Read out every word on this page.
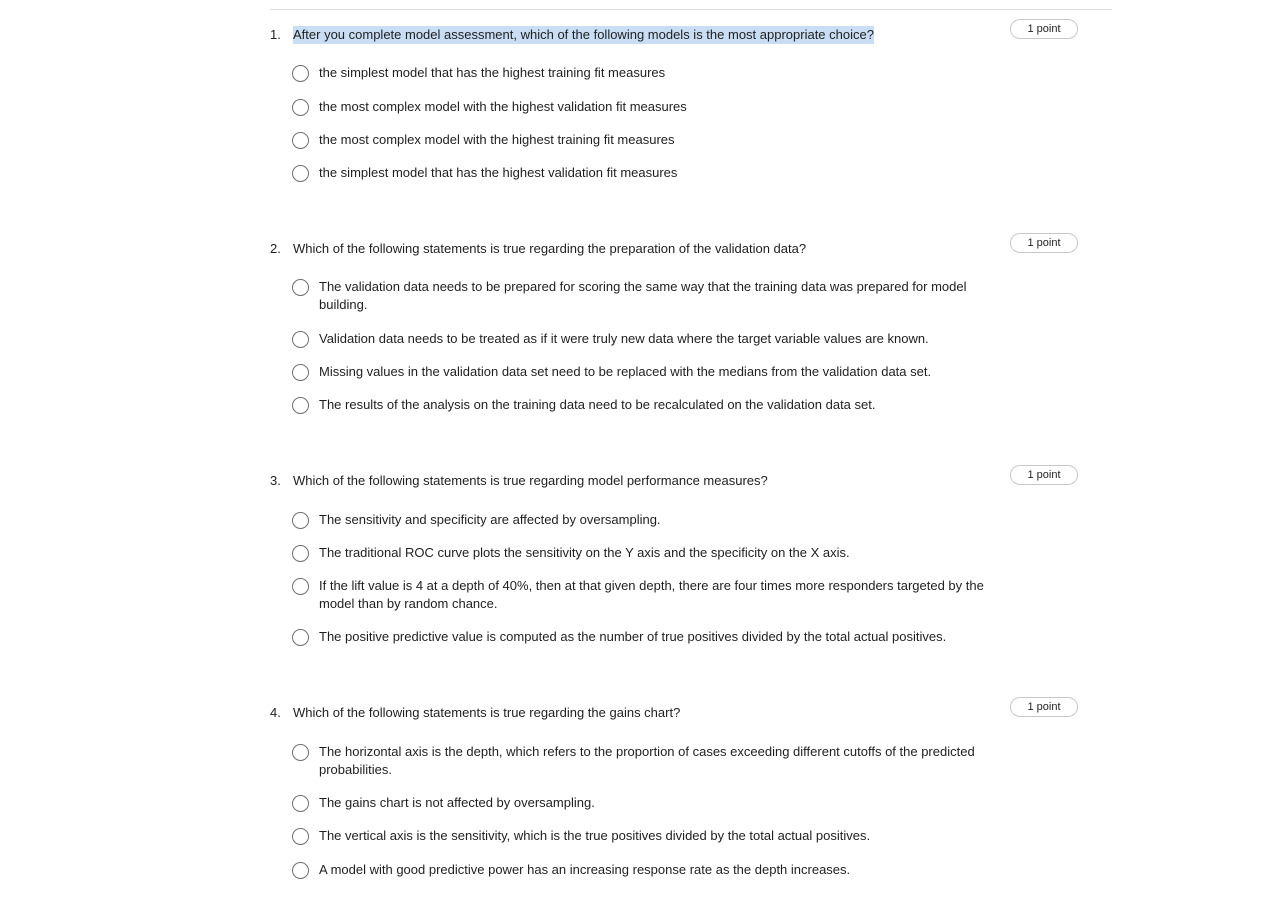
1. After you complete model assessment, which of the following models is the most appropriate choice?	1 point
the simplest model that has the highest training fit measures
the most complex model with the highest validation fit measures
the most complex model with the highest training fit measures
the simplest model that has the highest validation fit measures
2. Which of the following statements is true regarding the preparation of the validation data?	1 point
The validation data needs to be prepared for scoring the same way that the training data was prepared for model building.
Validation data needs to be treated as if it were truly new data where the target variable values are known.
Missing values in the validation data set need to be replaced with the medians from the validation data set.
The results of the analysis on the training data need to be recalculated on the validation data set.
3. Which of the following statements is true regarding model performance measures?	1 point
The sensitivity and specificity are affected by oversampling.
The traditional ROC curve plots the sensitivity on the Y axis and the specificity on the X axis.
If the lift value is 4 at a depth of 40%, then at that given depth, there are four times more responders targeted by the model than by random chance.
The positive predictive value is computed as the number of true positives divided by the total actual positives.
4. Which of the following statements is true regarding the gains chart?	1 point
The horizontal axis is the depth, which refers to the proportion of cases exceeding different cutoffs of the predicted probabilities.
The gains chart is not affected by oversampling.
The vertical axis is the sensitivity, which is the true positives divided by the total actual positives.
A model with good predictive power has an increasing response rate as the depth increases.
